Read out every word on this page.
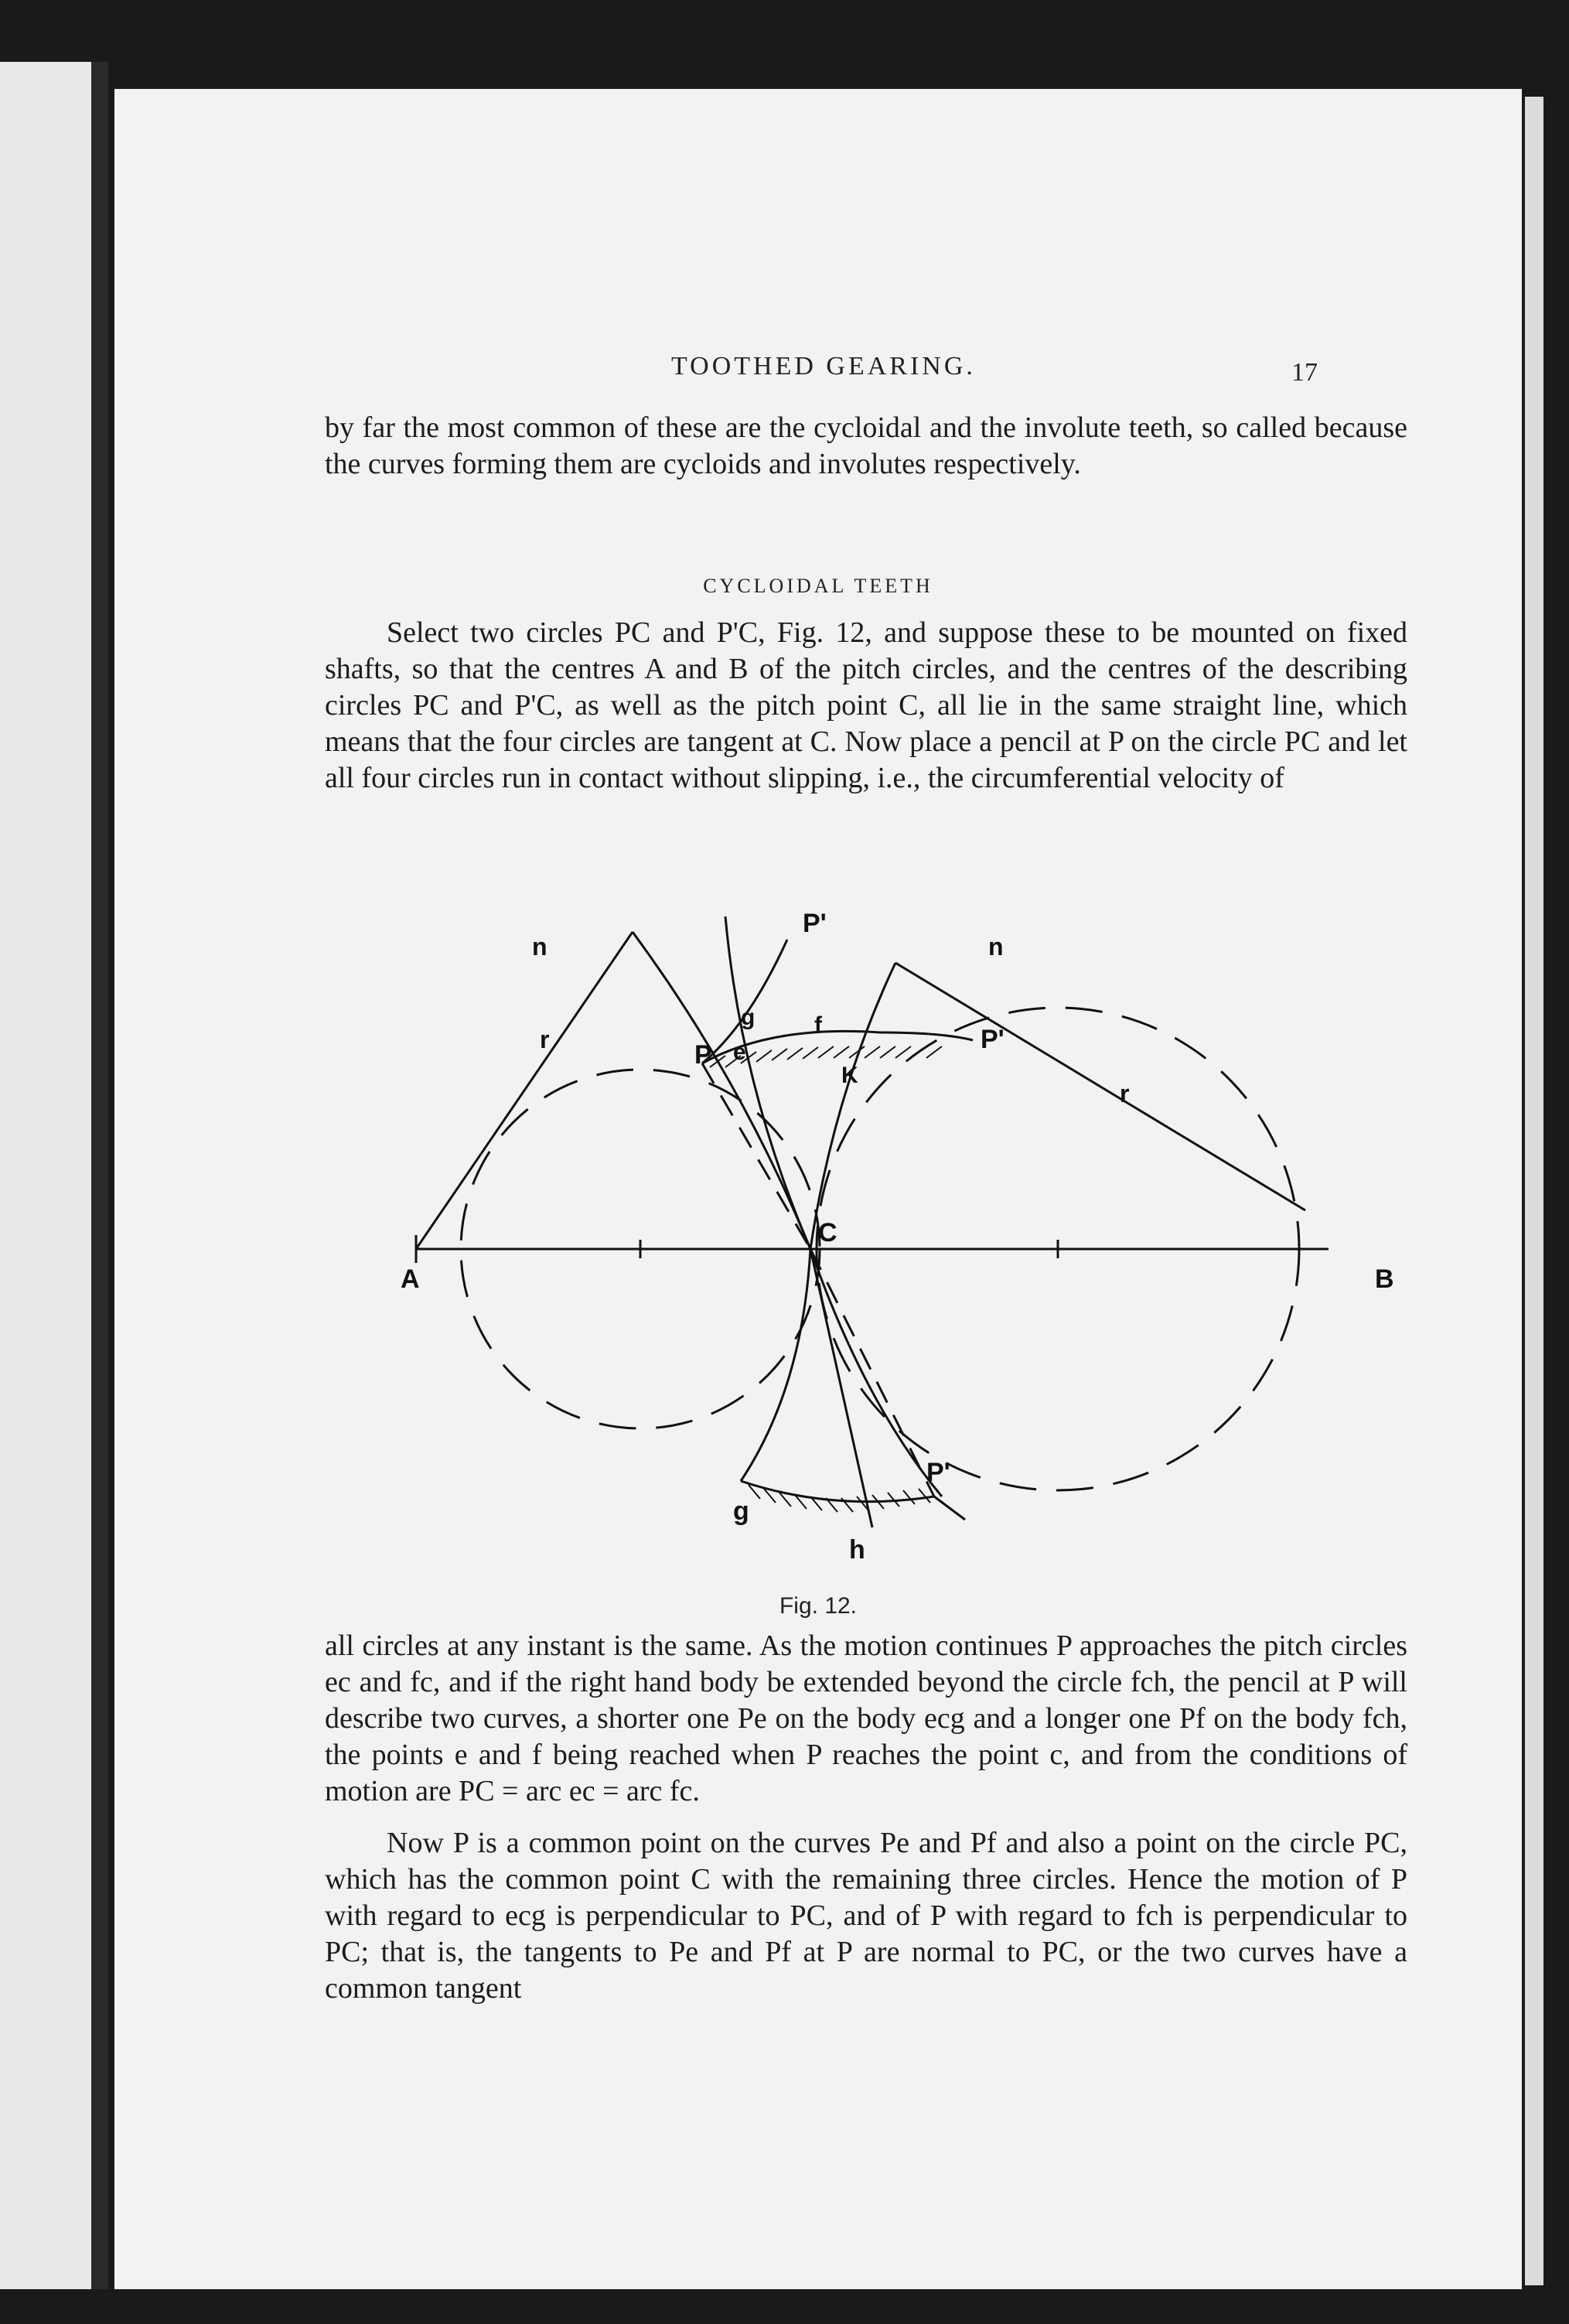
TOOTHED GEARING.	17

by far the most common of these are the cycloidal and the involute teeth, so called because the curves forming them are cycloids and involutes respectively.

CYCLOIDAL TEETH

Select two circles PC and P'C, Fig. 12, and suppose these to be mounted on fixed shafts, so that the centres A and B of the pitch circles, and the centres of the describing circles PC and P'C, as well as the pitch point C, all lie in the same straight line, which means that the four circles are tangent at C. Now place a pencil at P on the circle PC and let all four circles run in contact without slipping, i.e., the circumferential velocity of

A	B
C
P
P'
P'
P'
g
g
h
e
f
K
r
r
n	n
Fig. 12.

all circles at any instant is the same. As the motion continues P approaches the pitch circles ec and fc, and if the right hand body be extended beyond the circle fch, the pencil at P will describe two curves, a shorter one Pe on the body ecg and a longer one Pf on the body fch, the points e and f being reached when P reaches the point c, and from the conditions of motion are PC = arc ec = arc fc.

Now P is a common point on the curves Pe and Pf and also a point on the circle PC, which has the common point C with the remaining three circles. Hence the motion of P with regard to ecg is perpendicular to PC, and of P with regard to fch is perpendicular to PC; that is, the tangents to Pe and Pf at P are normal to PC, or the two curves have a common tangent
